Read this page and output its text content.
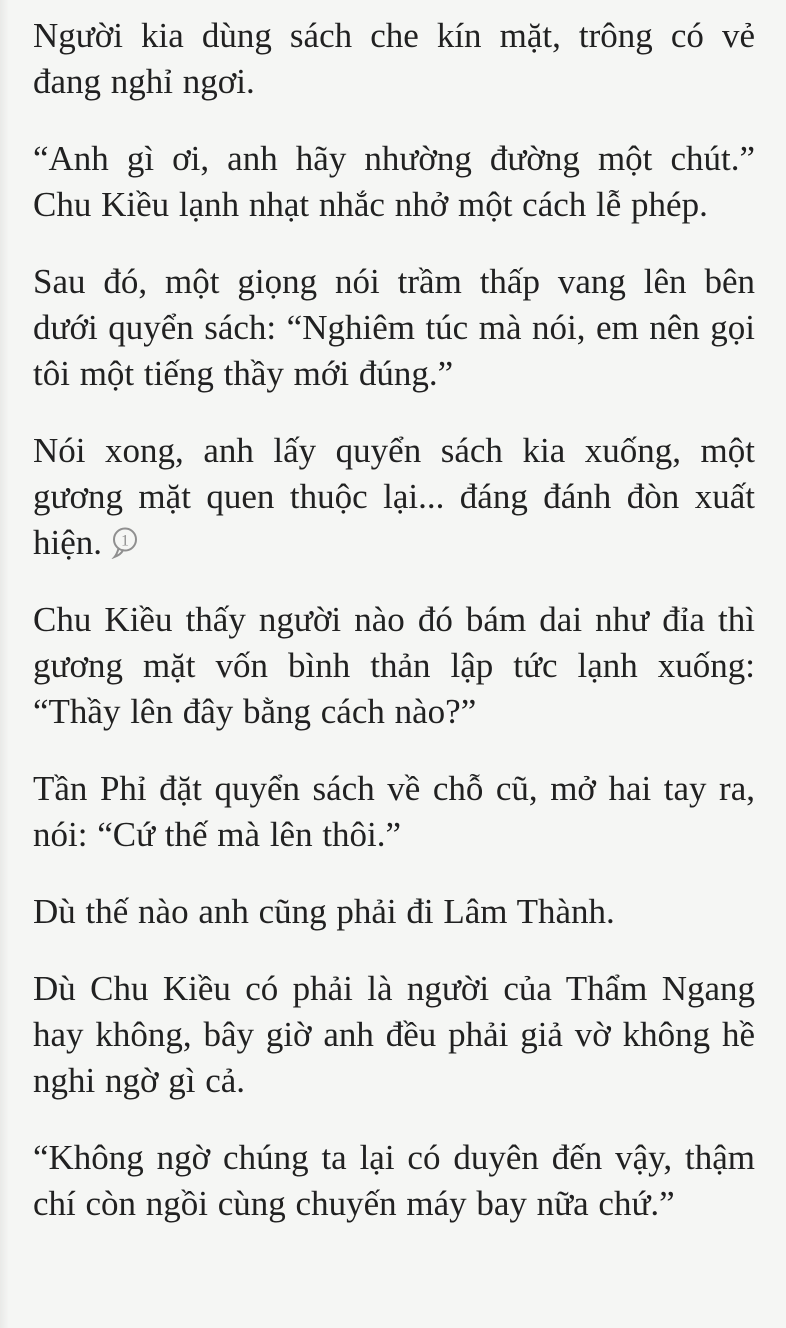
Người kia dùng sách che kín mặt, trông có vẻ đang nghỉ ngơi.

“Anh gì ơi, anh hãy nhường đường một chút.” Chu Kiều lạnh nhạt nhắc nhở một cách lễ phép.

Sau đó, một giọng nói trầm thấp vang lên bên dưới quyển sách: “Nghiêm túc mà nói, em nên gọi tôi một tiếng thầy mới đúng.”

Nói xong, anh lấy quyển sách kia xuống, một gương mặt quen thuộc lại... đáng đánh đòn xuất hiện. 1

Chu Kiều thấy người nào đó bám dai như đỉa thì gương mặt vốn bình thản lập tức lạnh xuống: “Thầy lên đây bằng cách nào?”

Tần Phỉ đặt quyển sách về chỗ cũ, mở hai tay ra, nói: “Cứ thế mà lên thôi.”

Dù thế nào anh cũng phải đi Lâm Thành.

Dù Chu Kiều có phải là người của Thẩm Ngang hay không, bây giờ anh đều phải giả vờ không hề nghi ngờ gì cả.

“Không ngờ chúng ta lại có duyên đến vậy, thậm chí còn ngồi cùng chuyến máy bay nữa chứ.”
